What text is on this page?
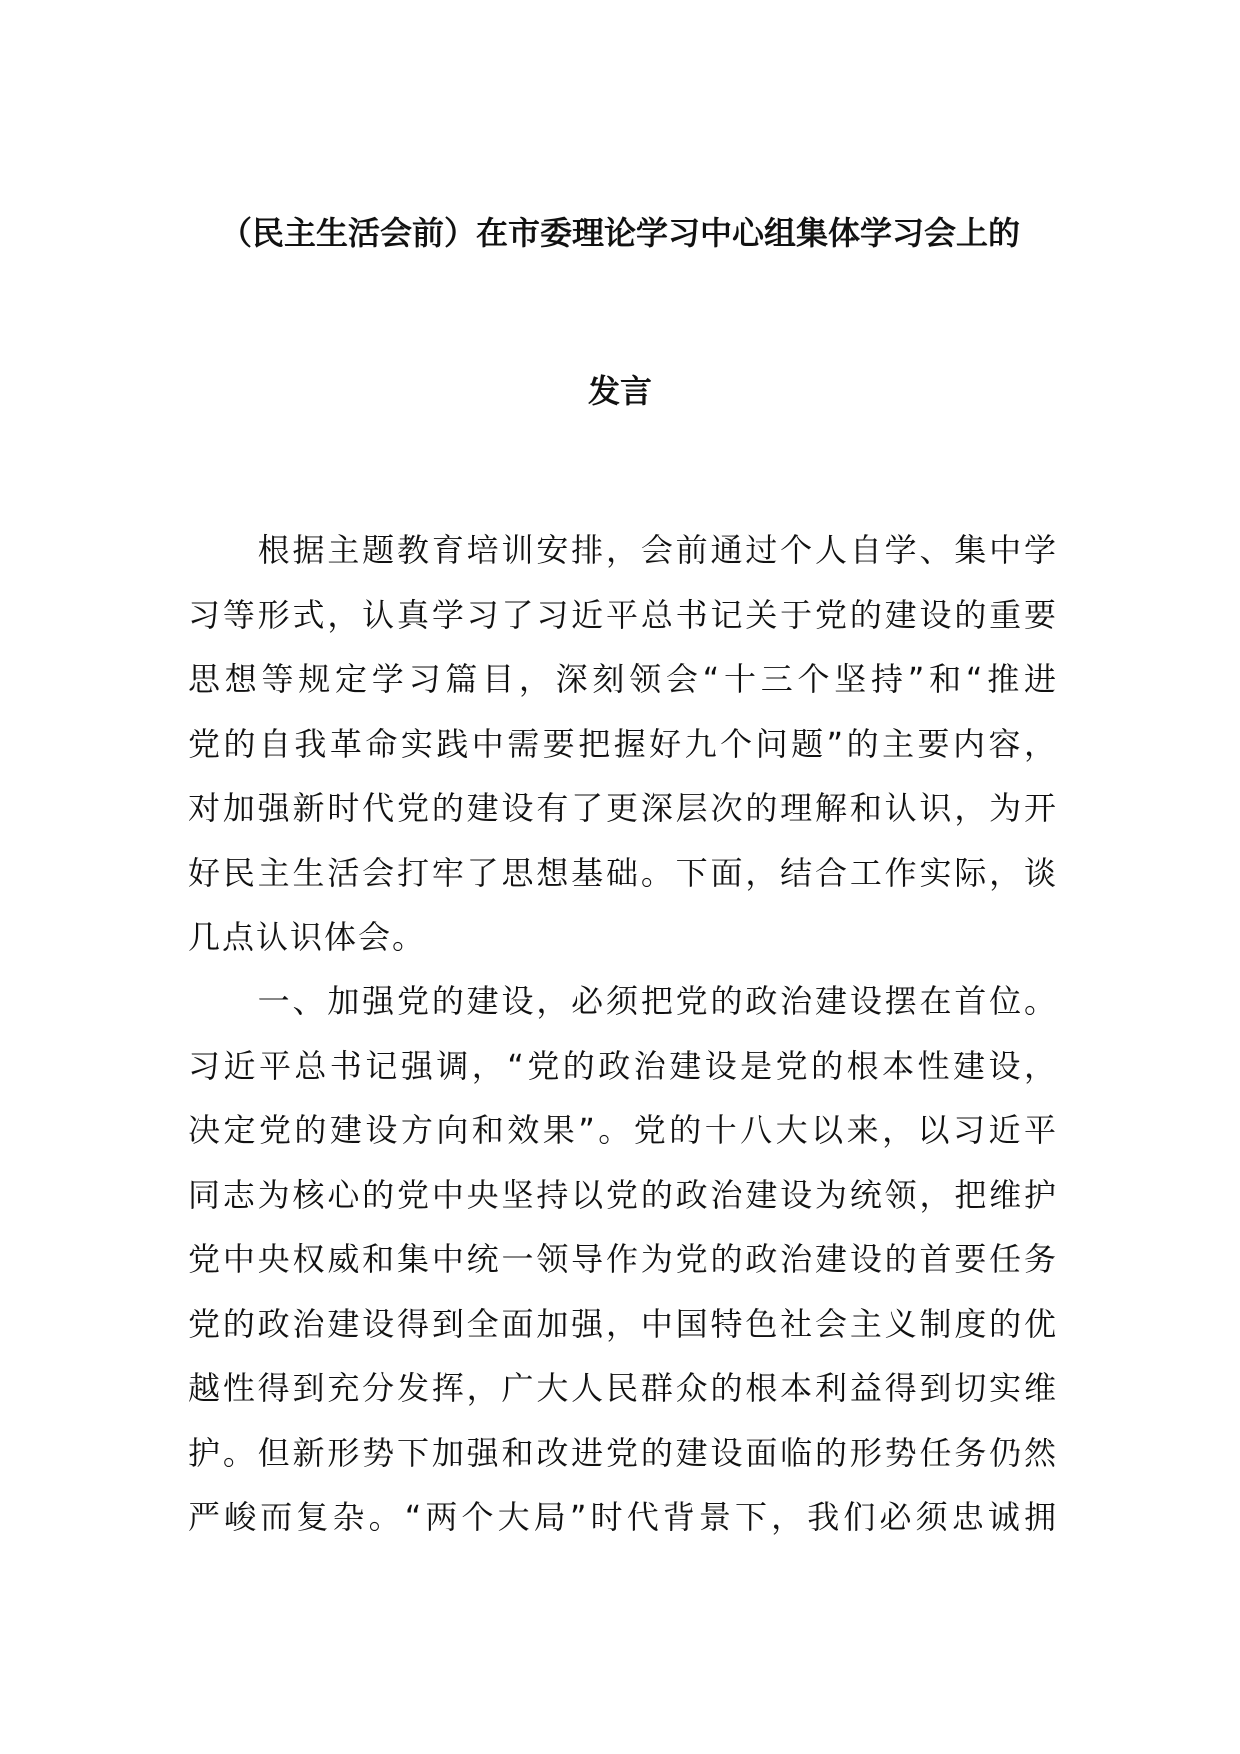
（民主生活会前）在市委理论学习中心组集体学习会上的
发言
　　根据主题教育培训安排，会前通过个人自学、集中学
习等形式，认真学习了习近平总书记关于党的建设的重要
思想等规定学习篇目，深刻领会“十三个坚持”和“推进
党的自我革命实践中需要把握好九个问题”的主要内容，
对加强新时代党的建设有了更深层次的理解和认识，为开
好民主生活会打牢了思想基础。下面，结合工作实际，谈
几点认识体会。
　　一、加强党的建设，必须把党的政治建设摆在首位。
习近平总书记强调，“党的政治建设是党的根本性建设，
决定党的建设方向和效果”。党的十八大以来，以习近平
同志为核心的党中央坚持以党的政治建设为统领，把维护
党中央权威和集中统一领导作为党的政治建设的首要任务
党的政治建设得到全面加强，中国特色社会主义制度的优
越性得到充分发挥，广大人民群众的根本利益得到切实维
护。但新形势下加强和改进党的建设面临的形势任务仍然
严峻而复杂。“两个大局”时代背景下，我们必须忠诚拥
